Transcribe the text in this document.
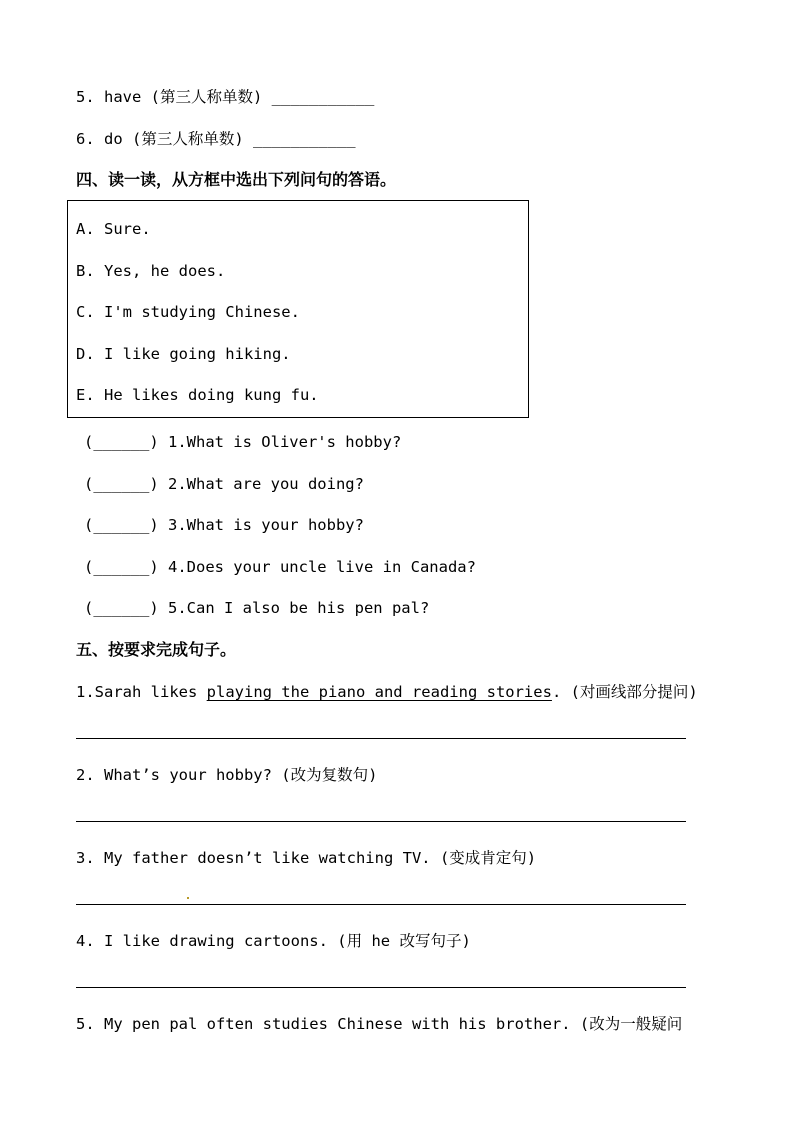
5. have (第三人称单数) ___________
6. do (第三人称单数) ___________
四、读一读，从方框中选出下列问句的答语。
A. Sure.
B. Yes, he does.
C. I'm studying Chinese.
D. I like going hiking.
E. He likes doing kung fu.
(______) 1.What is Oliver's hobby?
(______) 2.What are you doing?
(______) 3.What is your hobby?
(______) 4.Does your uncle live in Canada?
(______) 5.Can I also be his pen pal?
五、按要求完成句子。
1.Sarah likes playing the piano and reading stories. (对画线部分提问)
2. What’s your hobby? (改为复数句)
3. My father doesn’t like watching TV. (变成肯定句)
4. I like drawing cartoons. (用 he 改写句子)
5. My pen pal often studies Chinese with his brother. (改为一般疑问
